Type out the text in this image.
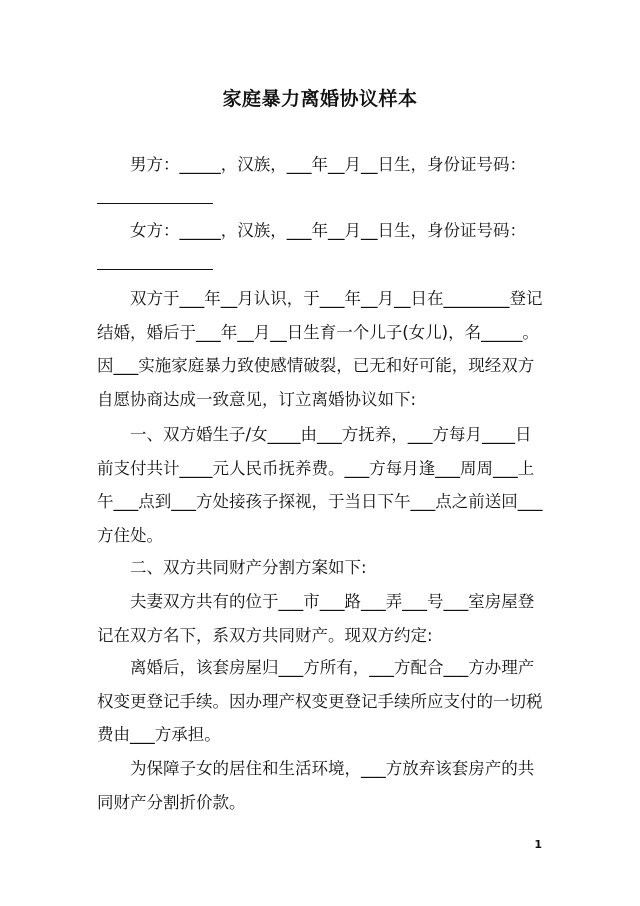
家庭暴力离婚协议样本
男方：_____，汉族，___年__月__日生，身份证号码：
女方：_____，汉族，___年__月__日生，身份证号码：

双方于___年__月认识，于___年__月__日在________登记结婚，婚后于___年__月__日生育一个儿子(女儿)，名_____。因___实施家庭暴力致使感情破裂，已无和好可能，现经双方自愿协商达成一致意见，订立离婚协议如下:

一、双方婚生子/女____由___方抚养，___方每月____日前支付共计____元人民币抚养费。___方每月逢___周周___上午___点到___方处接孩子探视，于当日下午___点之前送回___方住处。

二、双方共同财产分割方案如下:

夫妻双方共有的位于___市___路___弄___号___室房屋登记在双方名下，系双方共同财产。现双方约定:

离婚后，该套房屋归___方所有，___方配合___方办理产权变更登记手续。因办理产权变更登记手续所应支付的一切税费由___方承担。

为保障子女的居住和生活环境，___方放弃该套房产的共同财产分割折价款。

1
